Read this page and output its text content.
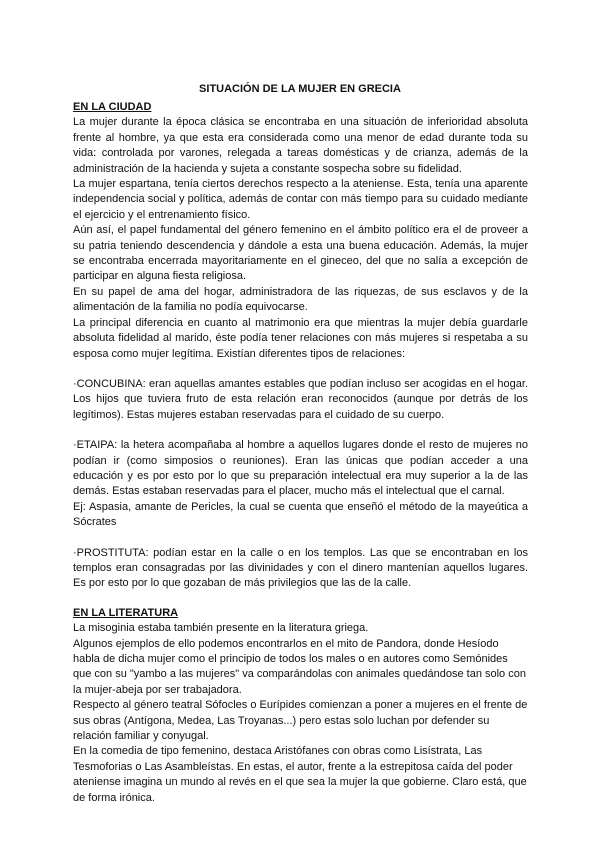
SITUACIÓN DE LA MUJER EN GRECIA
EN LA CIUDAD

La mujer durante la época clásica se encontraba en una situación de inferioridad absoluta frente al hombre, ya que esta era considerada como una menor de edad durante toda su vida: controlada por varones, relegada a tareas domésticas y de crianza, además de la administración de la hacienda y sujeta a constante sospecha sobre su fidelidad.

La mujer espartana, tenía ciertos derechos respecto a la ateniense. Esta, tenía una aparente independencia social y política, además de contar con más tiempo para su cuidado mediante el ejercicio y el entrenamiento físico.

Aún así, el papel fundamental del género femenino en el ámbito político era el de proveer a su patria teniendo descendencia y dándole a esta una buena educación. Además, la mujer se encontraba encerrada mayoritariamente en el gineceo, del que no salía a excepción de participar en alguna fiesta religiosa.

En su papel de ama del hogar, administradora de las riquezas, de sus esclavos y de la alimentación de la familia no podía equivocarse.

La principal diferencia en cuanto al matrimonio era que mientras la mujer debía guardarle absoluta fidelidad al marido, éste podía tener relaciones con más mujeres si respetaba a su esposa como mujer legítima. Existían diferentes tipos de relaciones:

·CONCUBINA: eran aquellas amantes estables que podían incluso ser acogidas en el hogar. Los hijos que tuviera fruto de esta relación eran reconocidos (aunque por detrás de los legítimos). Estas mujeres estaban reservadas para el cuidado de su cuerpo.

·ETAIPA: la hetera acompañaba al hombre a aquellos lugares donde el resto de mujeres no podían ir (como simposios o reuniones). Eran las únicas que podían acceder a una educación y es por esto por lo que su preparación intelectual era muy superior a la de las demás. Estas estaban reservadas para el placer, mucho más el intelectual que el carnal.

Ej: Aspasia, amante de Pericles, la cual se cuenta que enseñó el método de la mayeútica a Sócrates

·PROSTITUTA: podían estar en la calle o en los templos. Las que se encontraban en los templos eran consagradas por las divinidades y con el dinero mantenían aquellos lugares. Es por esto por lo que gozaban de más privilegios que las de la calle.

EN LA LITERATURA

La misoginia estaba también presente en la literatura griega.

Algunos ejemplos de ello podemos encontrarlos en el mito de Pandora, donde Hesíodo habla de dicha mujer como el principio de todos los males o en autores como Semónides que con su "yambo a las mujeres" va comparándolas con animales quedándose tan solo con la mujer-abeja por ser trabajadora.

Respecto al género teatral Sófocles o Eurípides comienzan a poner a mujeres en el frente de sus obras (Antígona, Medea, Las Troyanas...) pero estas solo luchan por defender su relación familiar y conyugal.

En la comedia de tipo femenino, destaca Aristófanes con obras como Lisístrata, Las Tesmoforias o Las Asambleístas. En estas, el autor, frente a la estrepitosa caída del poder ateniense imagina un mundo al revés en el que sea la mujer la que gobierne. Claro está, que de forma irónica.
